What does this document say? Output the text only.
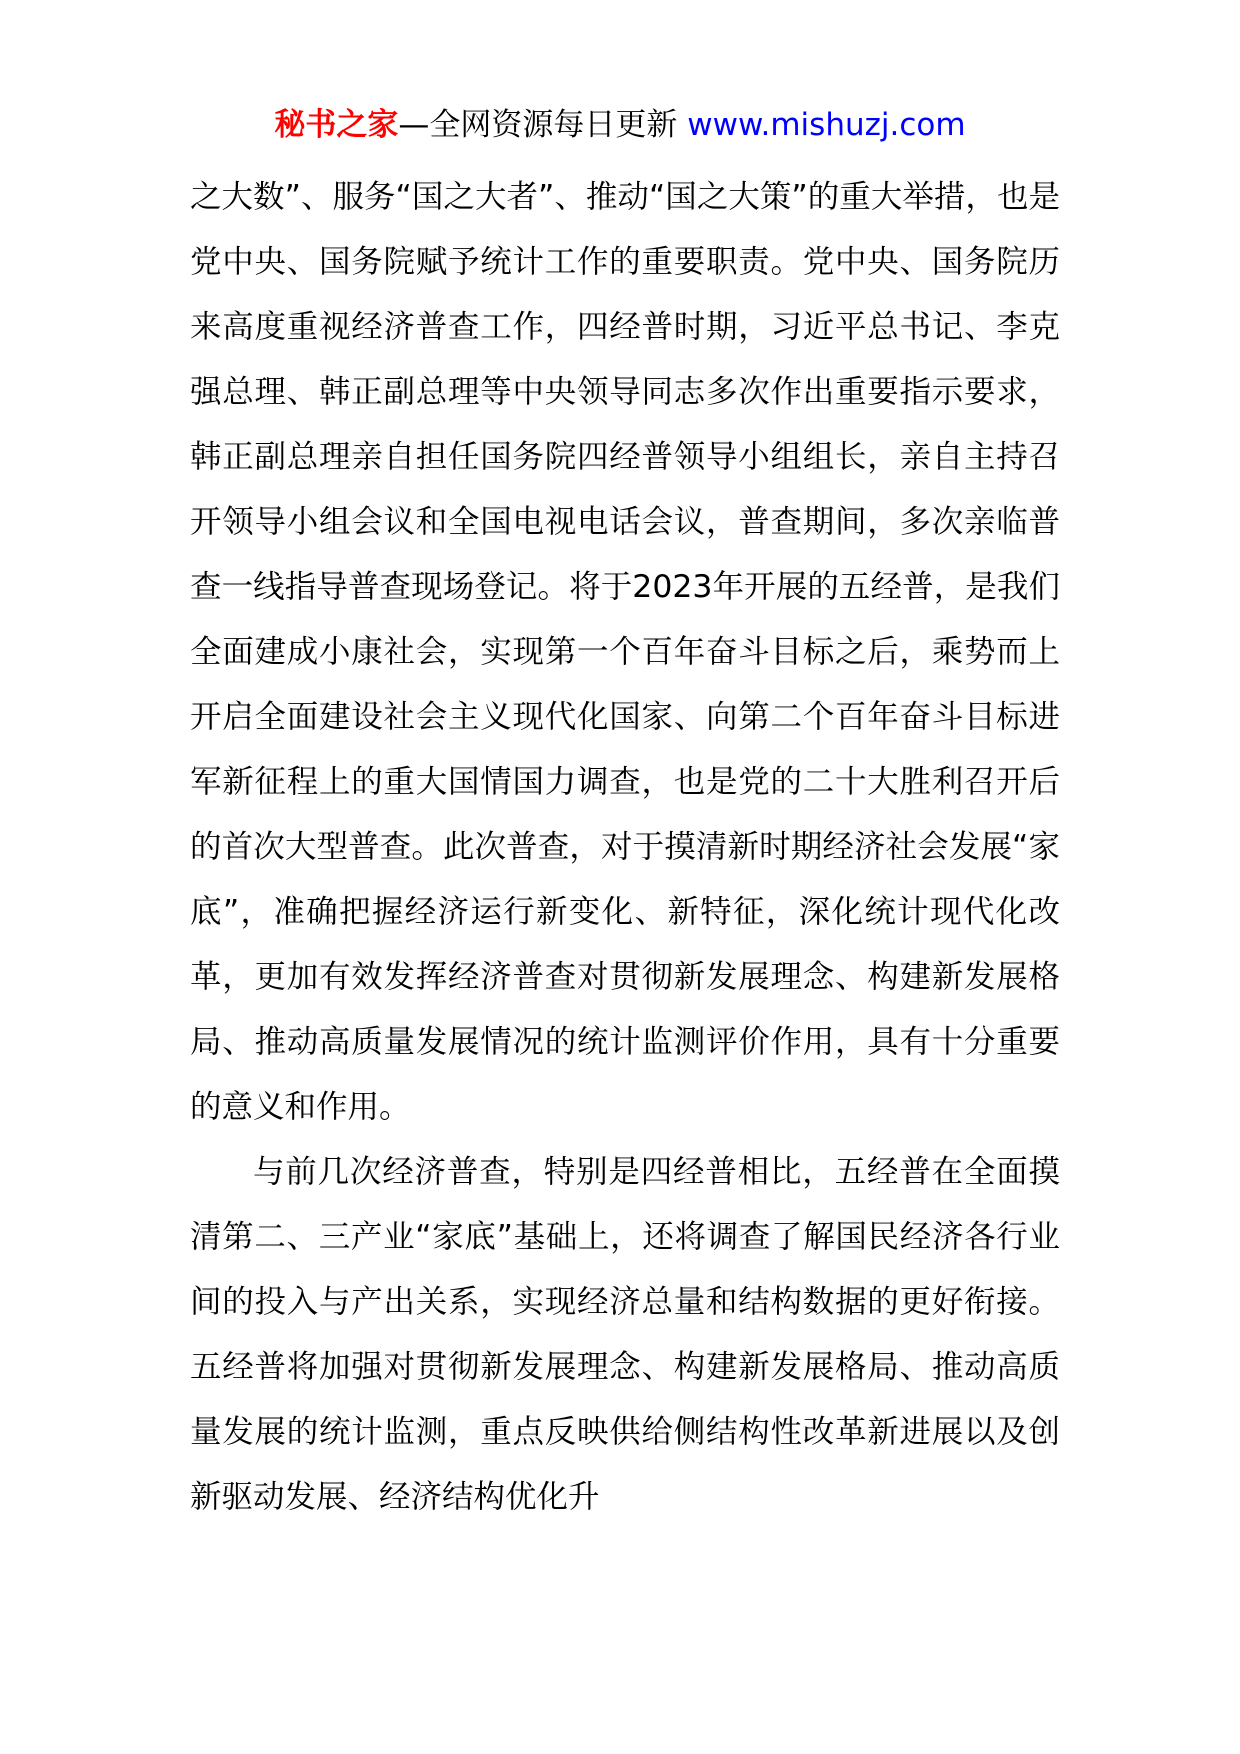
秘书之家—全网资源每日更新 www.mishuzj.com

之大数”、服务“国之大者”、推动“国之大策”的重大举措，也是党中央、国务院赋予统计工作的重要职责。党中央、国务院历来高度重视经济普查工作，四经普时期，习近平总书记、李克强总理、韩正副总理等中央领导同志多次作出重要指示要求，韩正副总理亲自担任国务院四经普领导小组组长，亲自主持召开领导小组会议和全国电视电话会议，普查期间，多次亲临普查一线指导普查现场登记。将于2023年开展的五经普，是我们全面建成小康社会，实现第一个百年奋斗目标之后，乘势而上开启全面建设社会主义现代化国家、向第二个百年奋斗目标进军新征程上的重大国情国力调查，也是党的二十大胜利召开后的首次大型普查。此次普查，对于摸清新时期经济社会发展“家底”，准确把握经济运行新变化、新特征，深化统计现代化改革，更加有效发挥经济普查对贯彻新发展理念、构建新发展格局、推动高质量发展情况的统计监测评价作用，具有十分重要的意义和作用。

与前几次经济普查，特别是四经普相比，五经普在全面摸清第二、三产业“家底”基础上，还将调查了解国民经济各行业间的投入与产出关系，实现经济总量和结构数据的更好衔接。五经普将加强对贯彻新发展理念、构建新发展格局、推动高质量发展的统计监测，重点反映供给侧结构性改革新进展以及创新驱动发展、经济结构优化升
